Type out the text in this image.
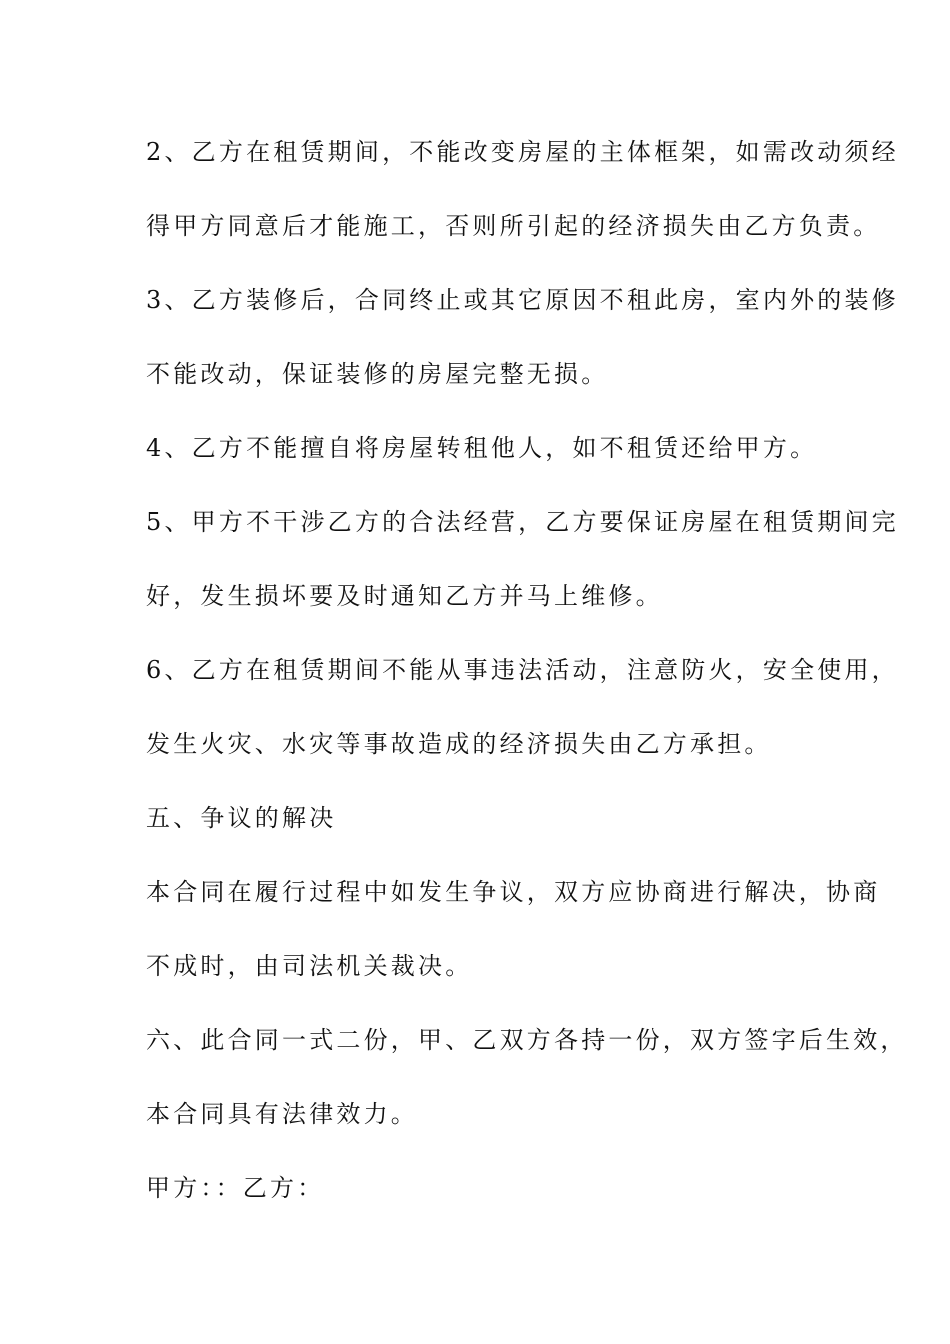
2、乙方在租赁期间，不能改变房屋的主体框架，如需改动须经

得甲方同意后才能施工，否则所引起的经济损失由乙方负责。

3、乙方装修后，合同终止或其它原因不租此房，室内外的装修

不能改动，保证装修的房屋完整无损。

4、乙方不能擅自将房屋转租他人，如不租赁还给甲方。

5、甲方不干涉乙方的合法经营，乙方要保证房屋在租赁期间完

好，发生损坏要及时通知乙方并马上维修。

6、乙方在租赁期间不能从事违法活动，注意防火，安全使用，

发生火灾、水灾等事故造成的经济损失由乙方承担。

五、争议的解决

本合同在履行过程中如发生争议，双方应协商进行解决，协商

不成时，由司法机关裁决。

六、此合同一式二份，甲、乙双方各持一份，双方签字后生效，

本合同具有法律效力。

甲方：：乙方：
